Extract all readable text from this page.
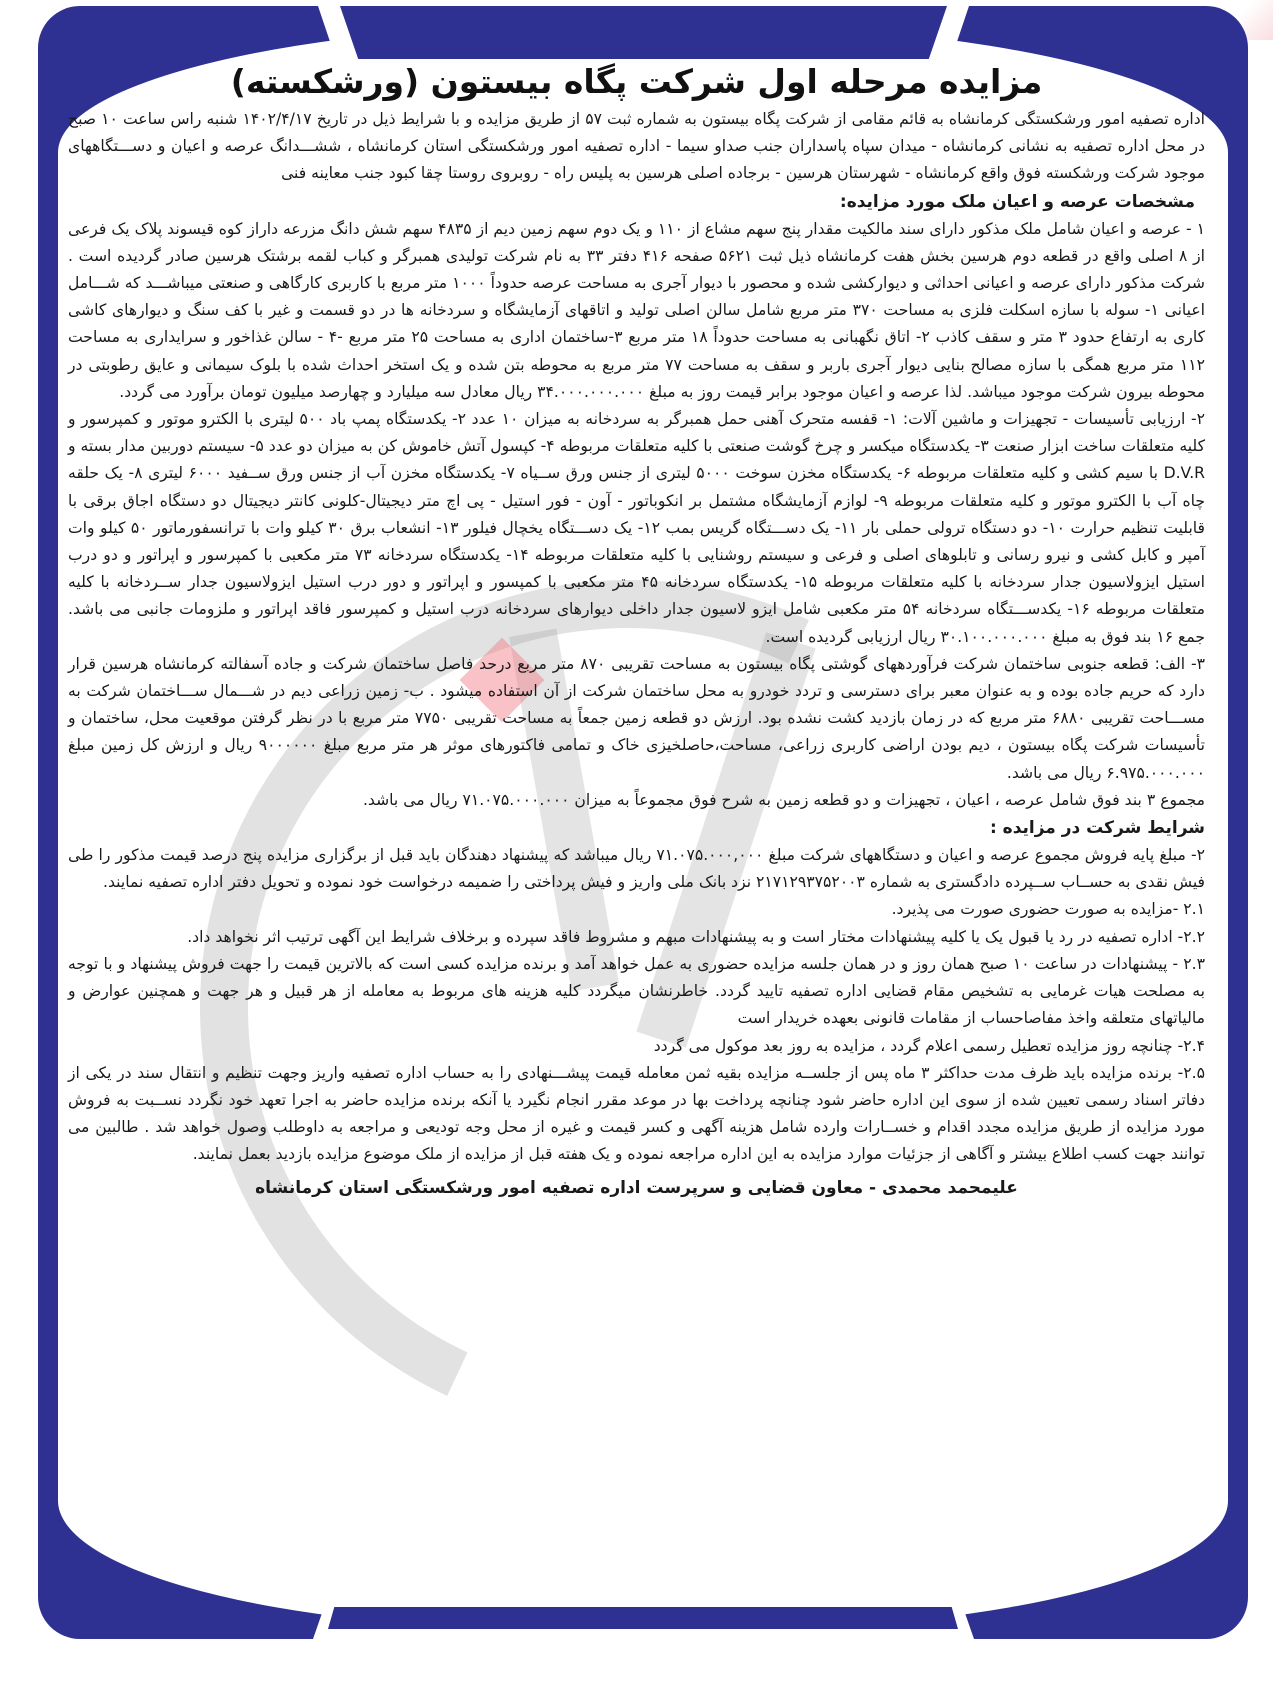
مزایده مرحله اول شرکت پگاه بیستون (ورشکسته)

اداره تصفیه امور ورشکستگی کرمانشاه به قائم مقامی از شرکت پگاه بیستون به شماره ثبت ۵۷ از طریق مزایده و با شرایط ذیل در تاریخ ۱۴۰۲/۴/۱۷ شنبه راس ساعت ۱۰ صبح در محل اداره تصفیه به نشانی کرمانشاه - میدان سپاه پاسداران جنب صداو سیما - اداره تصفیه امور ورشکستگی استان کرمانشاه ، ششـــدانگ عرصه و اعیان و دســـتگاههای موجود شرکت ورشکسته فوق واقع کرمانشاه - شهرستان هرسین - برجاده اصلی هرسین به پلیس راه - روبروی روستا چقا کبود جنب معاینه فنی

مشخصات عرصه و اعیان ملک مورد مزایده:

۱ - عرصه و اعیان شامل ملک مذکور دارای سند مالکیت مقدار پنج سهم مشاع از ۱۱۰ و یک دوم سهم زمین دیم از ۴۸۳۵ سهم شش دانگ مزرعه داراز کوه قیسوند پلاک یک فرعی از ۸ اصلی واقع در قطعه دوم هرسین بخش هفت کرمانشاه ذیل ثبت ۵۶۲۱ صفحه ۴۱۶ دفتر ۳۳ به نام شرکت تولیدی همبرگر و کباب لقمه برشتک هرسین صادر گردیده است . شرکت مذکور دارای عرصه و اعیانی احداثی و دیوارکشی شده و محصور با دیوار آجری به مساحت عرصه حدوداً ۱۰۰۰ متر مربع با کاربری کارگاهی و صنعتی میباشـــد که شـــامل اعیانی ۱- سوله با سازه اسکلت فلزی به مساحت ۳۷۰ متر مربع شامل سالن اصلی تولید و اتاقهای آزمایشگاه و سردخانه ها در دو قسمت و غیر با کف سنگ و دیوارهای کاشی کاری به ارتفاع حدود ۳ متر و سقف کاذب ۲- اتاق نگهبانی به مساحت حدوداً ۱۸ متر مربع ۳-ساختمان اداری به مساحت ۲۵ متر مربع -۴ - سالن غذاخور و سرایداری به مساحت ۱۱۲ متر مربع همگی با سازه مصالح بنایی دیوار آجری باربر و سقف به مساحت ۷۷ متر مربع به محوطه بتن شده و یک استخر احداث شده با بلوک سیمانی و عایق رطوبتی در محوطه بیرون شرکت موجود میباشد. لذا عرصه و اعیان موجود برابر قیمت روز به مبلغ ۳۴.۰۰۰.۰۰۰.۰۰۰ ریال معادل سه میلیارد و چهارصد میلیون تومان برآورد می گردد.

۲- ارزیابی تأسیسات - تجهیزات و ماشین آلات: ۱- قفسه متحرک آهنی حمل همبرگر به سردخانه به میزان ۱۰ عدد ۲- یکدستگاه پمپ باد ۵۰۰ لیتری با الکترو موتور و کمپرسور و کلیه متعلقات ساخت ابزار صنعت ۳- یکدستگاه میکسر و چرخ گوشت صنعتی با کلیه متعلقات مربوطه ۴- کپسول آتش خاموش کن به میزان دو عدد ۵- سیستم دوربین مدار بسته و D.V.R با سیم کشی و کلیه متعلقات مربوطه ۶- یکدستگاه مخزن سوخت ۵۰۰۰ لیتری از جنس ورق ســیاه ۷- یکدستگاه مخزن آب از جنس ورق ســفید ۶۰۰۰ لیتری ۸- یک حلقه چاه آب با الکترو موتور و کلیه متعلقات مربوطه ۹- لوازم آزمایشگاه مشتمل بر انکوباتور - آون - فور استیل - پی اچ متر دیجیتال-کلونی کانتر دیجیتال دو دستگاه اجاق برقی با قابلیت تنظیم حرارت ۱۰- دو دستگاه ترولی حملی بار ۱۱- یک دســـتگاه گریس بمب ۱۲- یک دســـتگاه یخچال فیلور ۱۳- انشعاب برق ۳۰ کیلو وات با ترانسفورماتور ۵۰ کیلو وات آمپر و کابل کشی و نیرو رسانی و تابلوهای اصلی و فرعی و سیستم روشنایی با کلیه متعلقات مربوطه ۱۴- یکدستگاه سردخانه ۷۳ متر مکعبی با کمپرسور و اپراتور و دو درب استیل ایزولاسیون جدار سردخانه با کلیه متعلقات مربوطه ۱۵- یکدستگاه سردخانه ۴۵ متر مکعبی با کمپسور و اپراتور و دور درب استیل ایزولاسیون جدار ســردخانه با کلیه متعلقات مربوطه ۱۶- یکدســـتگاه سردخانه ۵۴ متر مکعبی شامل ایزو لاسیون جدار داخلی دیوارهای سردخانه درب استیل و کمپرسور فاقد اپراتور و ملزومات جانبی می باشد. جمع ۱۶ بند فوق به مبلغ ۳۰.۱۰۰.۰۰۰.۰۰۰ ریال ارزیابی گردیده است.

۳- الف: قطعه جنوبی ساختمان شرکت فرآوردههای گوشتی پگاه بیستون به مساحت تقریبی ۸۷۰ متر مربع درحد فاصل ساختمان شرکت و جاده آسفالته کرمانشاه هرسین قرار دارد که حریم جاده بوده و به عنوان معبر برای دسترسی و تردد خودرو به محل ساختمان شرکت از آن استفاده میشود . ب- زمین زراعی دیم در شـــمال ســـاختمان شرکت به مســـاحت تقریبی ۶۸۸۰ متر مربع که در زمان بازدید کشت نشده بود. ارزش دو قطعه زمین جمعاً به مساحت تقریبی ۷۷۵۰ متر مربع با در نظر گرفتن موقعیت محل، ساختمان و تأسیسات شرکت پگاه بیستون ، دیم بودن اراضی کاربری زراعی، مساحت،حاصلخیزی خاک و تمامی فاکتورهای موثر هر متر مربع مبلغ ۹۰۰۰۰۰۰ ریال و ارزش کل زمین مبلغ ۶.۹۷۵.۰۰۰.۰۰۰ ریال می باشد.

مجموع ۳ بند فوق شامل عرصه ، اعیان ، تجهیزات و دو قطعه زمین به شرح فوق مجموعاً به میزان ۷۱.۰۷۵.۰۰۰.۰۰۰ ریال می باشد.

شرایط شرکت در مزایده :

۲- مبلغ پایه فروش مجموع عرصه و اعیان و دستگاههای شرکت مبلغ ۷۱.۰۷۵.۰۰۰,۰۰۰ ریال میباشد که پیشنهاد دهندگان باید قبل از برگزاری مزایده پنج درصد قیمت مذکور را طی فیش نقدی به حســاب ســپرده دادگستری به شماره ۲۱۷۱۲۹۳۷۵۲۰۰۳ نزد بانک ملی واریز و فیش پرداختی را ضمیمه درخواست خود نموده و تحویل دفتر اداره تصفیه نمایند.

۲.۱ -مزایده به صورت حضوری صورت می پذیرد.

۲.۲- اداره تصفیه در رد یا قبول یک یا کلیه پیشنهادات مختار است و به پیشنهادات مبهم و مشروط فاقد سپرده و برخلاف شرایط این آگهی ترتیب اثر نخواهد داد.

۲.۳ - پیشنهادات در ساعت ۱۰ صبح همان روز و در همان جلسه مزایده حضوری به عمل خواهد آمد و برنده مزایده کسی است که بالاترین قیمت را جهت فروش پیشنهاد و با توجه به مصلحت هیات غرمایی به تشخیص مقام قضایی اداره تصفیه تایید گردد. خاطرنشان میگردد کلیه هزینه های مربوط به معامله از هر قبیل و هر جهت و همچنین عوارض و مالیاتهای متعلقه واخذ مفاصاحساب از مقامات قانونی بعهده خریدار است

۲.۴- چنانچه روز مزایده تعطیل رسمی اعلام گردد ، مزایده به روز بعد موکول می گردد

۲.۵- برنده مزایده باید ظرف مدت حداکثر ۳ ماه پس از جلســه مزایده بقیه ثمن معامله قیمت پیشـــنهادی را به حساب اداره تصفیه واریز وجهت تنظیم و انتقال سند در یکی از دفاتر اسناد رسمی تعیین شده از سوی این اداره حاضر شود چنانچه پرداخت بها در موعد مقرر انجام نگیرد یا آنکه برنده مزایده حاضر به اجرا تعهد خود نگردد نســبت به فروش مورد مزایده از طریق مزایده مجدد اقدام و خســارات وارده شامل هزینه آگهی و کسر قیمت و غیره از محل وجه تودیعی و مراجعه به داوطلب وصول خواهد شد . طالبین می توانند جهت کسب اطلاع بیشتر و آگاهی از جزئیات موارد مزایده به این اداره مراجعه نموده و یک هفته قبل از مزایده از ملک موضوع مزایده بازدید بعمل نمایند.

علیمحمد محمدی - معاون قضایی و سرپرست اداره تصفیه امور ورشکستگی استان کرمانشاه
